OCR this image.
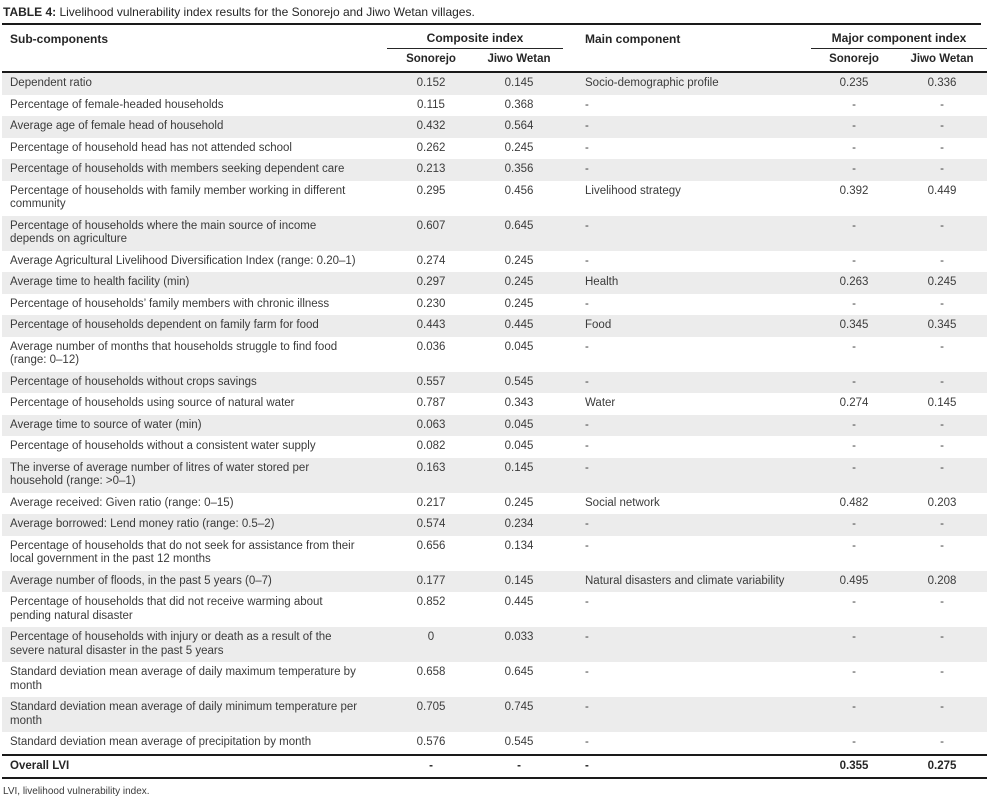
TABLE 4: Livelihood vulnerability index results for the Sonorejo and Jiwo Wetan villages.
Sub-components	Composite index		Main component	Major component index	
	Sonorejo	Jiwo Wetan		Sonorejo	Jiwo Wetan
Dependent ratio	0.152	0.145	Socio-demographic profile	0.235	0.336
Percentage of female-headed households	0.115	0.368	-	-	-
Average age of female head of household	0.432	0.564	-	-	-
Percentage of household head has not attended school	0.262	0.245	-	-	-
Percentage of households with members seeking dependent care	0.213	0.356	-	-	-
Percentage of households with family member working in different community	0.295	0.456	Livelihood strategy	0.392	0.449
Percentage of households where the main source of income depends on agriculture	0.607	0.645	-	-	-
Average Agricultural Livelihood Diversification Index (range: 0.20–1)	0.274	0.245	-	-	-
Average time to health facility (min)	0.297	0.245	Health	0.263	0.245
Percentage of households’ family members with chronic illness	0.230	0.245	-	-	-
Percentage of households dependent on family farm for food	0.443	0.445	Food	0.345	0.345
Average number of months that households struggle to find food (range: 0–12)	0.036	0.045	-	-	-
Percentage of households without crops savings	0.557	0.545	-	-	-
Percentage of households using source of natural water	0.787	0.343	Water	0.274	0.145
Average time to source of water (min)	0.063	0.045	-	-	-
Percentage of households without a consistent water supply	0.082	0.045	-	-	-
The inverse of average number of litres of water stored per household (range: >0–1)	0.163	0.145	-	-	-
Average received: Given ratio (range: 0–15)	0.217	0.245	Social network	0.482	0.203
Average borrowed: Lend money ratio (range: 0.5–2)	0.574	0.234	-	-	-
Percentage of households that do not seek for assistance from their local government in the past 12 months	0.656	0.134	-	-	-
Average number of floods, in the past 5 years (0–7)	0.177	0.145	Natural disasters and climate variability	0.495	0.208
Percentage of households that did not receive warming about pending natural disaster	0.852	0.445	-	-	-
Percentage of households with injury or death as a result of the severe natural disaster in the past 5 years	0	0.033	-	-	-
Standard deviation mean average of daily maximum temperature by month	0.658	0.645	-	-	-
Standard deviation mean average of daily minimum temperature per month	0.705	0.745	-	-	-
Standard deviation mean average of precipitation by month	0.576	0.545	-	-	-
Overall LVI	-	-	-	0.355	0.275
LVI, livelihood vulnerability index.
